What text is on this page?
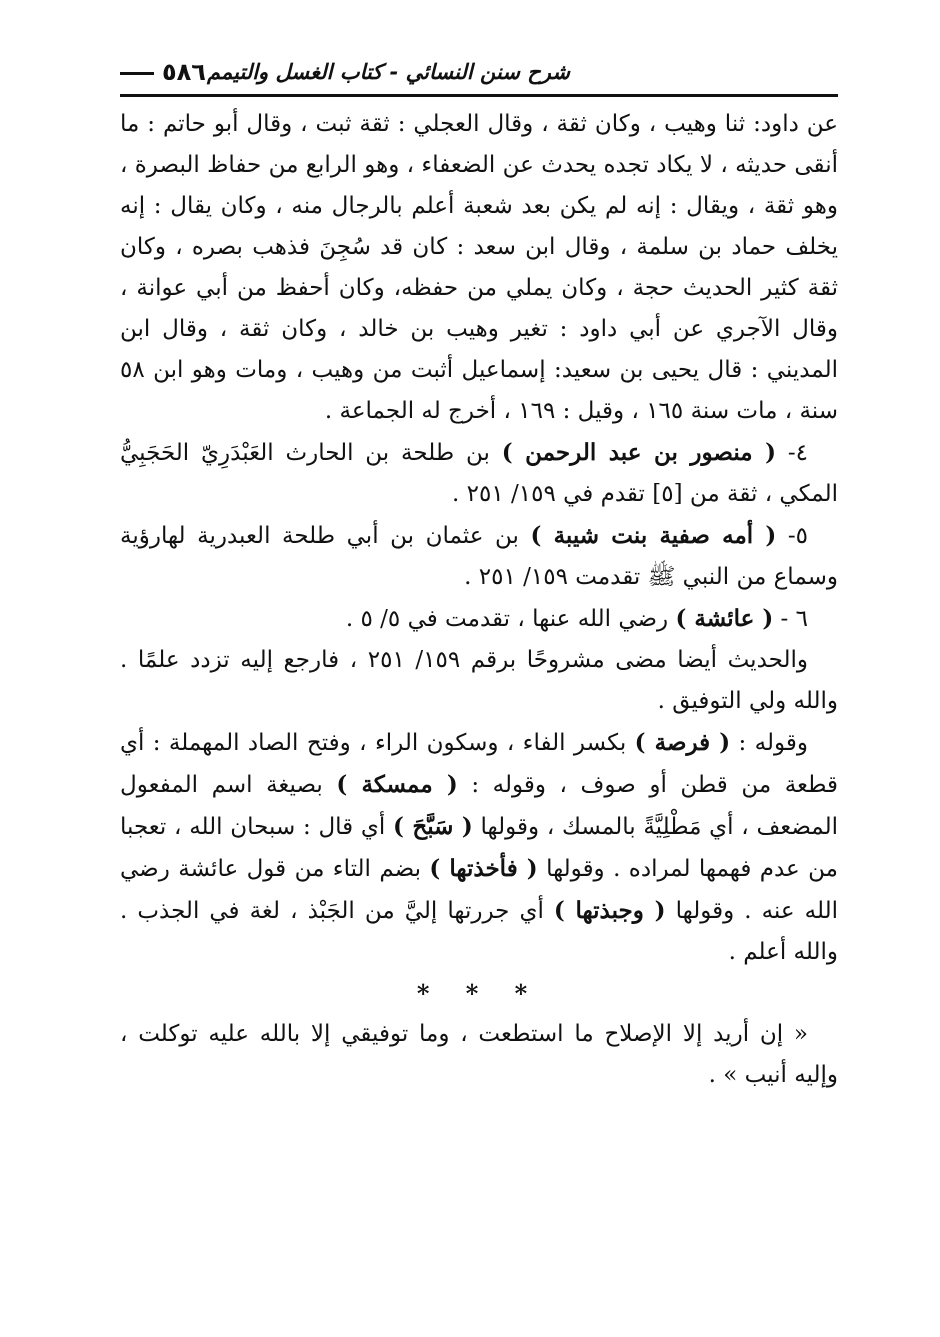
شرح سنن النسائي - كتاب الغسل والتيمم
٥٨٦

عن داود: ثنا وهيب ، وكان ثقة ، وقال العجلي : ثقة ثبت ، وقال أبو حاتم : ما أنقى حديثه ، لا يكاد تجده يحدث عن الضعفاء ، وهو الرابع من حفاظ البصرة ، وهو ثقة ، ويقال : إنه لم يكن بعد شعبة أعلم بالرجال منه ، وكان يقال : إنه يخلف حماد بن سلمة ، وقال ابن سعد : كان قد سُجِنَ فذهب بصره ، وكان ثقة كثير الحديث حجة ، وكان يملي من حفظه، وكان أحفظ من أبي عوانة ، وقال الآجري عن أبي داود : تغير وهيب بن خالد ، وكان ثقة ، وقال ابن المديني : قال يحيى بن سعيد: إسماعيل أثبت من وهيب ، ومات وهو ابن ٥٨ سنة ، مات سنة ١٦٥ ، وقيل : ١٦٩ ، أخرج له الجماعة .

٤- ( منصور بن عبد الرحمن ) بن طلحة بن الحارث العَبْدَرِيّ الحَجَبِيُّ المكي ، ثقة من [٥] تقدم في ١٥٩/ ٢٥١ .

٥- ( أمه صفية بنت شيبة ) بن عثمان بن أبي طلحة العبدرية لهارؤية وسماع من النبي ﷺ تقدمت ١٥٩/ ٢٥١ .

٦ - ( عائشة ) رضي الله عنها ، تقدمت في ٥/ ٥ .

والحديث أيضا مضى مشروحًا برقم ١٥٩/ ٢٥١ ، فارجع إليه تزدد علمًا . والله ولي التوفيق .

وقوله : ( فرصة ) بكسر الفاء ، وسكون الراء ، وفتح الصاد المهملة : أي قطعة من قطن أو صوف ، وقوله : ( ممسكة ) بصيغة اسم المفعول المضعف ، أي مَطْلِيَّةً بالمسك ، وقولها ( سَبَّحَ ) أي قال : سبحان الله ، تعجبا من عدم فهمها لمراده . وقولها ( فأخذتها ) بضم التاء من قول عائشة رضي الله عنه . وقولها ( وجبذتها ) أي جررتها إليَّ من الجَبْذ ، لغة في الجذب . والله أعلم .

* * *

« إن أريد إلا الإصلاح ما استطعت ، وما توفيقي إلا بالله عليه توكلت ، وإليه أنيب » .
